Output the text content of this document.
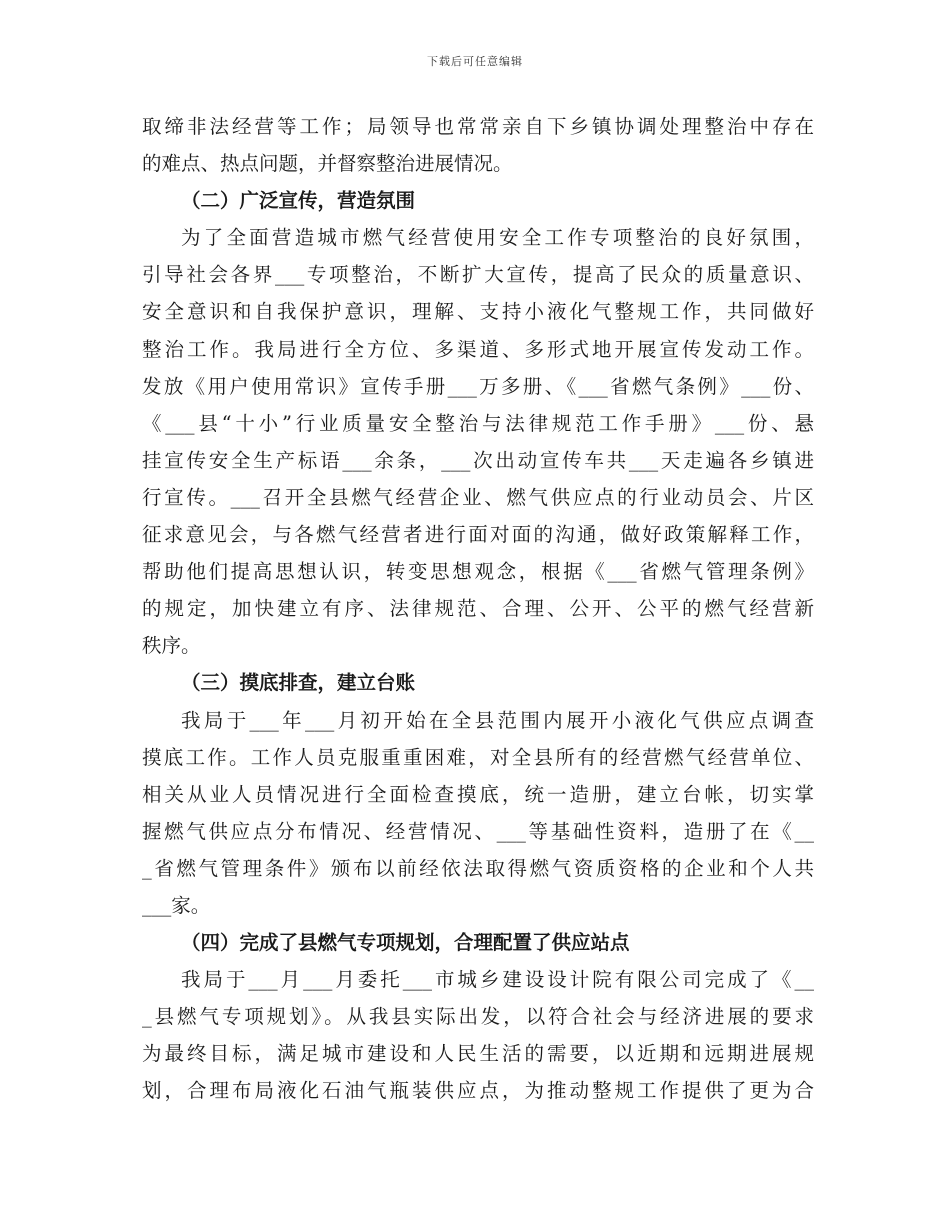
下载后可任意编辑
取缔非法经营等工作；局领导也常常亲自下乡镇协调处理整治中存在
的难点、热点问题，并督察整治进展情况。
（二）广泛宣传，营造氛围
为了全面营造城市燃气经营使用安全工作专项整治的良好氛围，
引导社会各界___专项整治，不断扩大宣传，提高了民众的质量意识、
安全意识和自我保护意识，理解、支持小液化气整规工作，共同做好
整治工作。我局进行全方位、多渠道、多形式地开展宣传发动工作。
发放《用户使用常识》宣传手册___万多册、《___省燃气条例》___份、
《___县“十小”行业质量安全整治与法律规范工作手册》___份、悬
挂宣传安全生产标语___余条，___次出动宣传车共___天走遍各乡镇进
行宣传。___召开全县燃气经营企业、燃气供应点的行业动员会、片区
征求意见会，与各燃气经营者进行面对面的沟通，做好政策解释工作，
帮助他们提高思想认识，转变思想观念，根据《___省燃气管理条例》
的规定，加快建立有序、法律规范、合理、公开、公平的燃气经营新
秩序。
（三）摸底排查，建立台账
我局于___年___月初开始在全县范围内展开小液化气供应点调查
摸底工作。工作人员克服重重困难，对全县所有的经营燃气经营单位、
相关从业人员情况进行全面检查摸底，统一造册，建立台帐，切实掌
握燃气供应点分布情况、经营情况、___等基础性资料，造册了在《__
_省燃气管理条件》颁布以前经依法取得燃气资质资格的企业和个人共
___家。
（四）完成了县燃气专项规划，合理配置了供应站点
我局于___月___月委托___市城乡建设设计院有限公司完成了《__
_县燃气专项规划》。从我县实际出发，以符合社会与经济进展的要求
为最终目标，满足城市建设和人民生活的需要，以近期和远期进展规
划，合理布局液化石油气瓶装供应点，为推动整规工作提供了更为合
